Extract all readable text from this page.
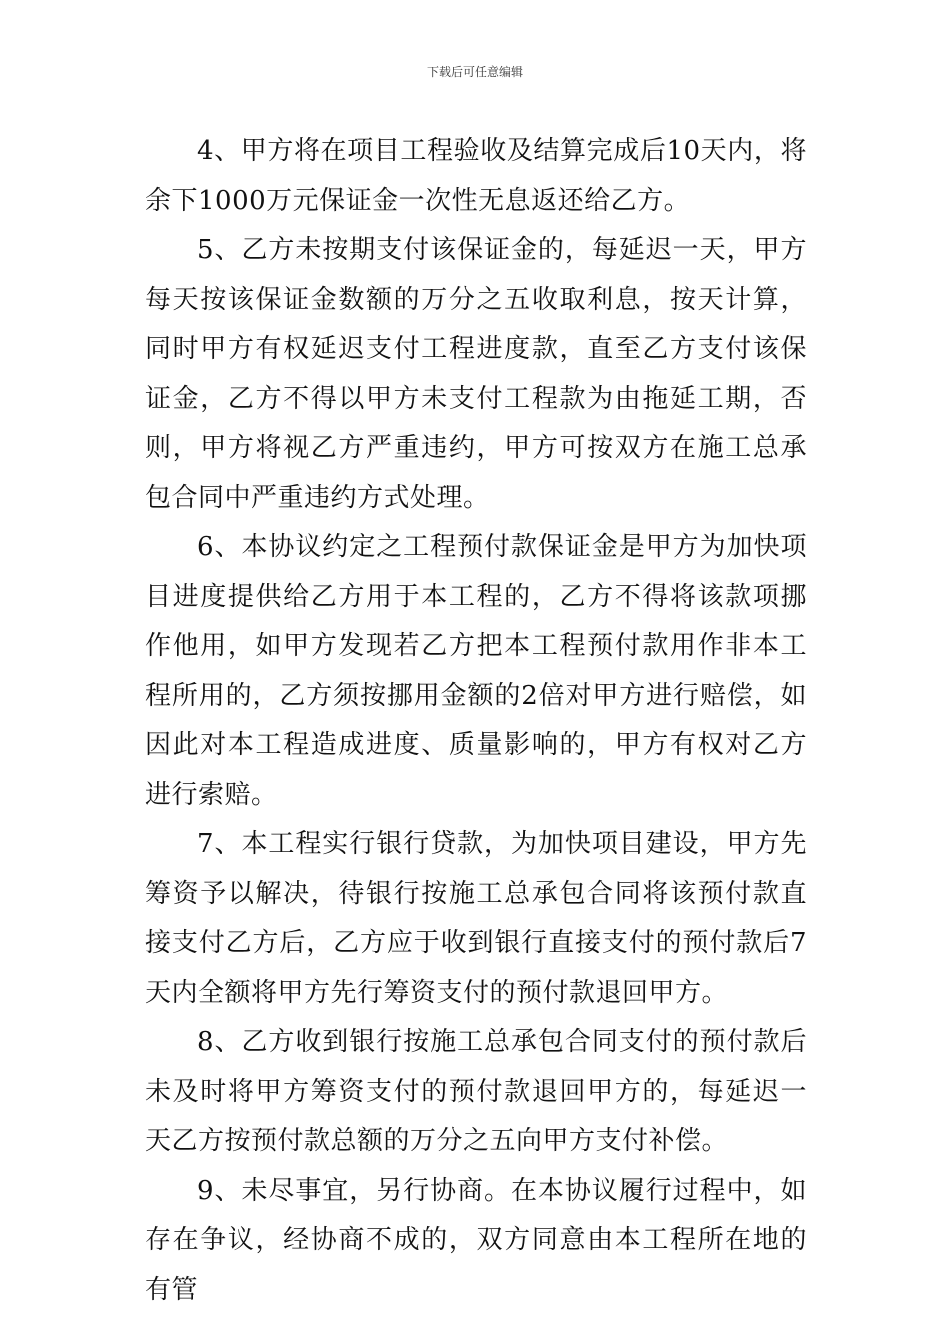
下载后可任意编辑

4、甲方将在项目工程验收及结算完成后10天内，将余下1000万元保证金一次性无息返还给乙方。

5、乙方未按期支付该保证金的，每延迟一天，甲方每天按该保证金数额的万分之五收取利息，按天计算，同时甲方有权延迟支付工程进度款，直至乙方支付该保证金，乙方不得以甲方未支付工程款为由拖延工期，否则，甲方将视乙方严重违约，甲方可按双方在施工总承包合同中严重违约方式处理。

6、本协议约定之工程预付款保证金是甲方为加快项目进度提供给乙方用于本工程的，乙方不得将该款项挪作他用，如甲方发现若乙方把本工程预付款用作非本工程所用的，乙方须按挪用金额的2倍对甲方进行赔偿，如因此对本工程造成进度、质量影响的，甲方有权对乙方进行索赔。

7、本工程实行银行贷款，为加快项目建设，甲方先筹资予以解决，待银行按施工总承包合同将该预付款直接支付乙方后，乙方应于收到银行直接支付的预付款后7天内全额将甲方先行筹资支付的预付款退回甲方。

8、乙方收到银行按施工总承包合同支付的预付款后未及时将甲方筹资支付的预付款退回甲方的，每延迟一天乙方按预付款总额的万分之五向甲方支付补偿。

9、未尽事宜，另行协商。在本协议履行过程中，如存在争议，经协商不成的，双方同意由本工程所在地的有管
